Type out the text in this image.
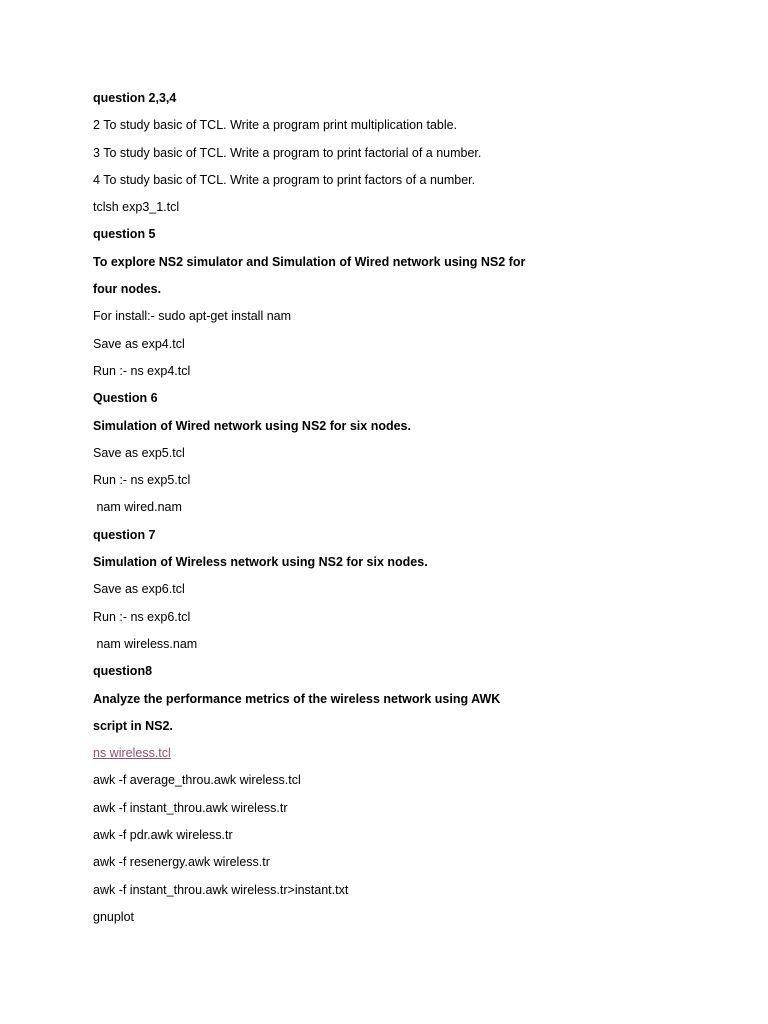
question 2,3,4

2 To study basic of TCL. Write a program print multiplication table.

3 To study basic of TCL. Write a program to print factorial of a number.

4 To study basic of TCL. Write a program to print factors of a number.

tclsh exp3_1.tcl

question 5

To explore NS2 simulator and Simulation of Wired network using NS2 for

four nodes.

For install:- sudo apt-get install nam

Save as exp4.tcl

Run :- ns exp4.tcl

Question 6

Simulation of Wired network using NS2 for six nodes.

Save as exp5.tcl

Run :- ns exp5.tcl

nam wired.nam

question 7

Simulation of Wireless network using NS2 for six nodes.

Save as exp6.tcl

Run :- ns exp6.tcl

nam wireless.nam

question8

Analyze the performance metrics of the wireless network using AWK

script in NS2.

ns wireless.tcl

awk -f average_throu.awk wireless.tcl

awk -f instant_throu.awk wireless.tr

awk -f pdr.awk wireless.tr

awk -f resenergy.awk wireless.tr

awk -f instant_throu.awk wireless.tr>instant.txt

gnuplot
